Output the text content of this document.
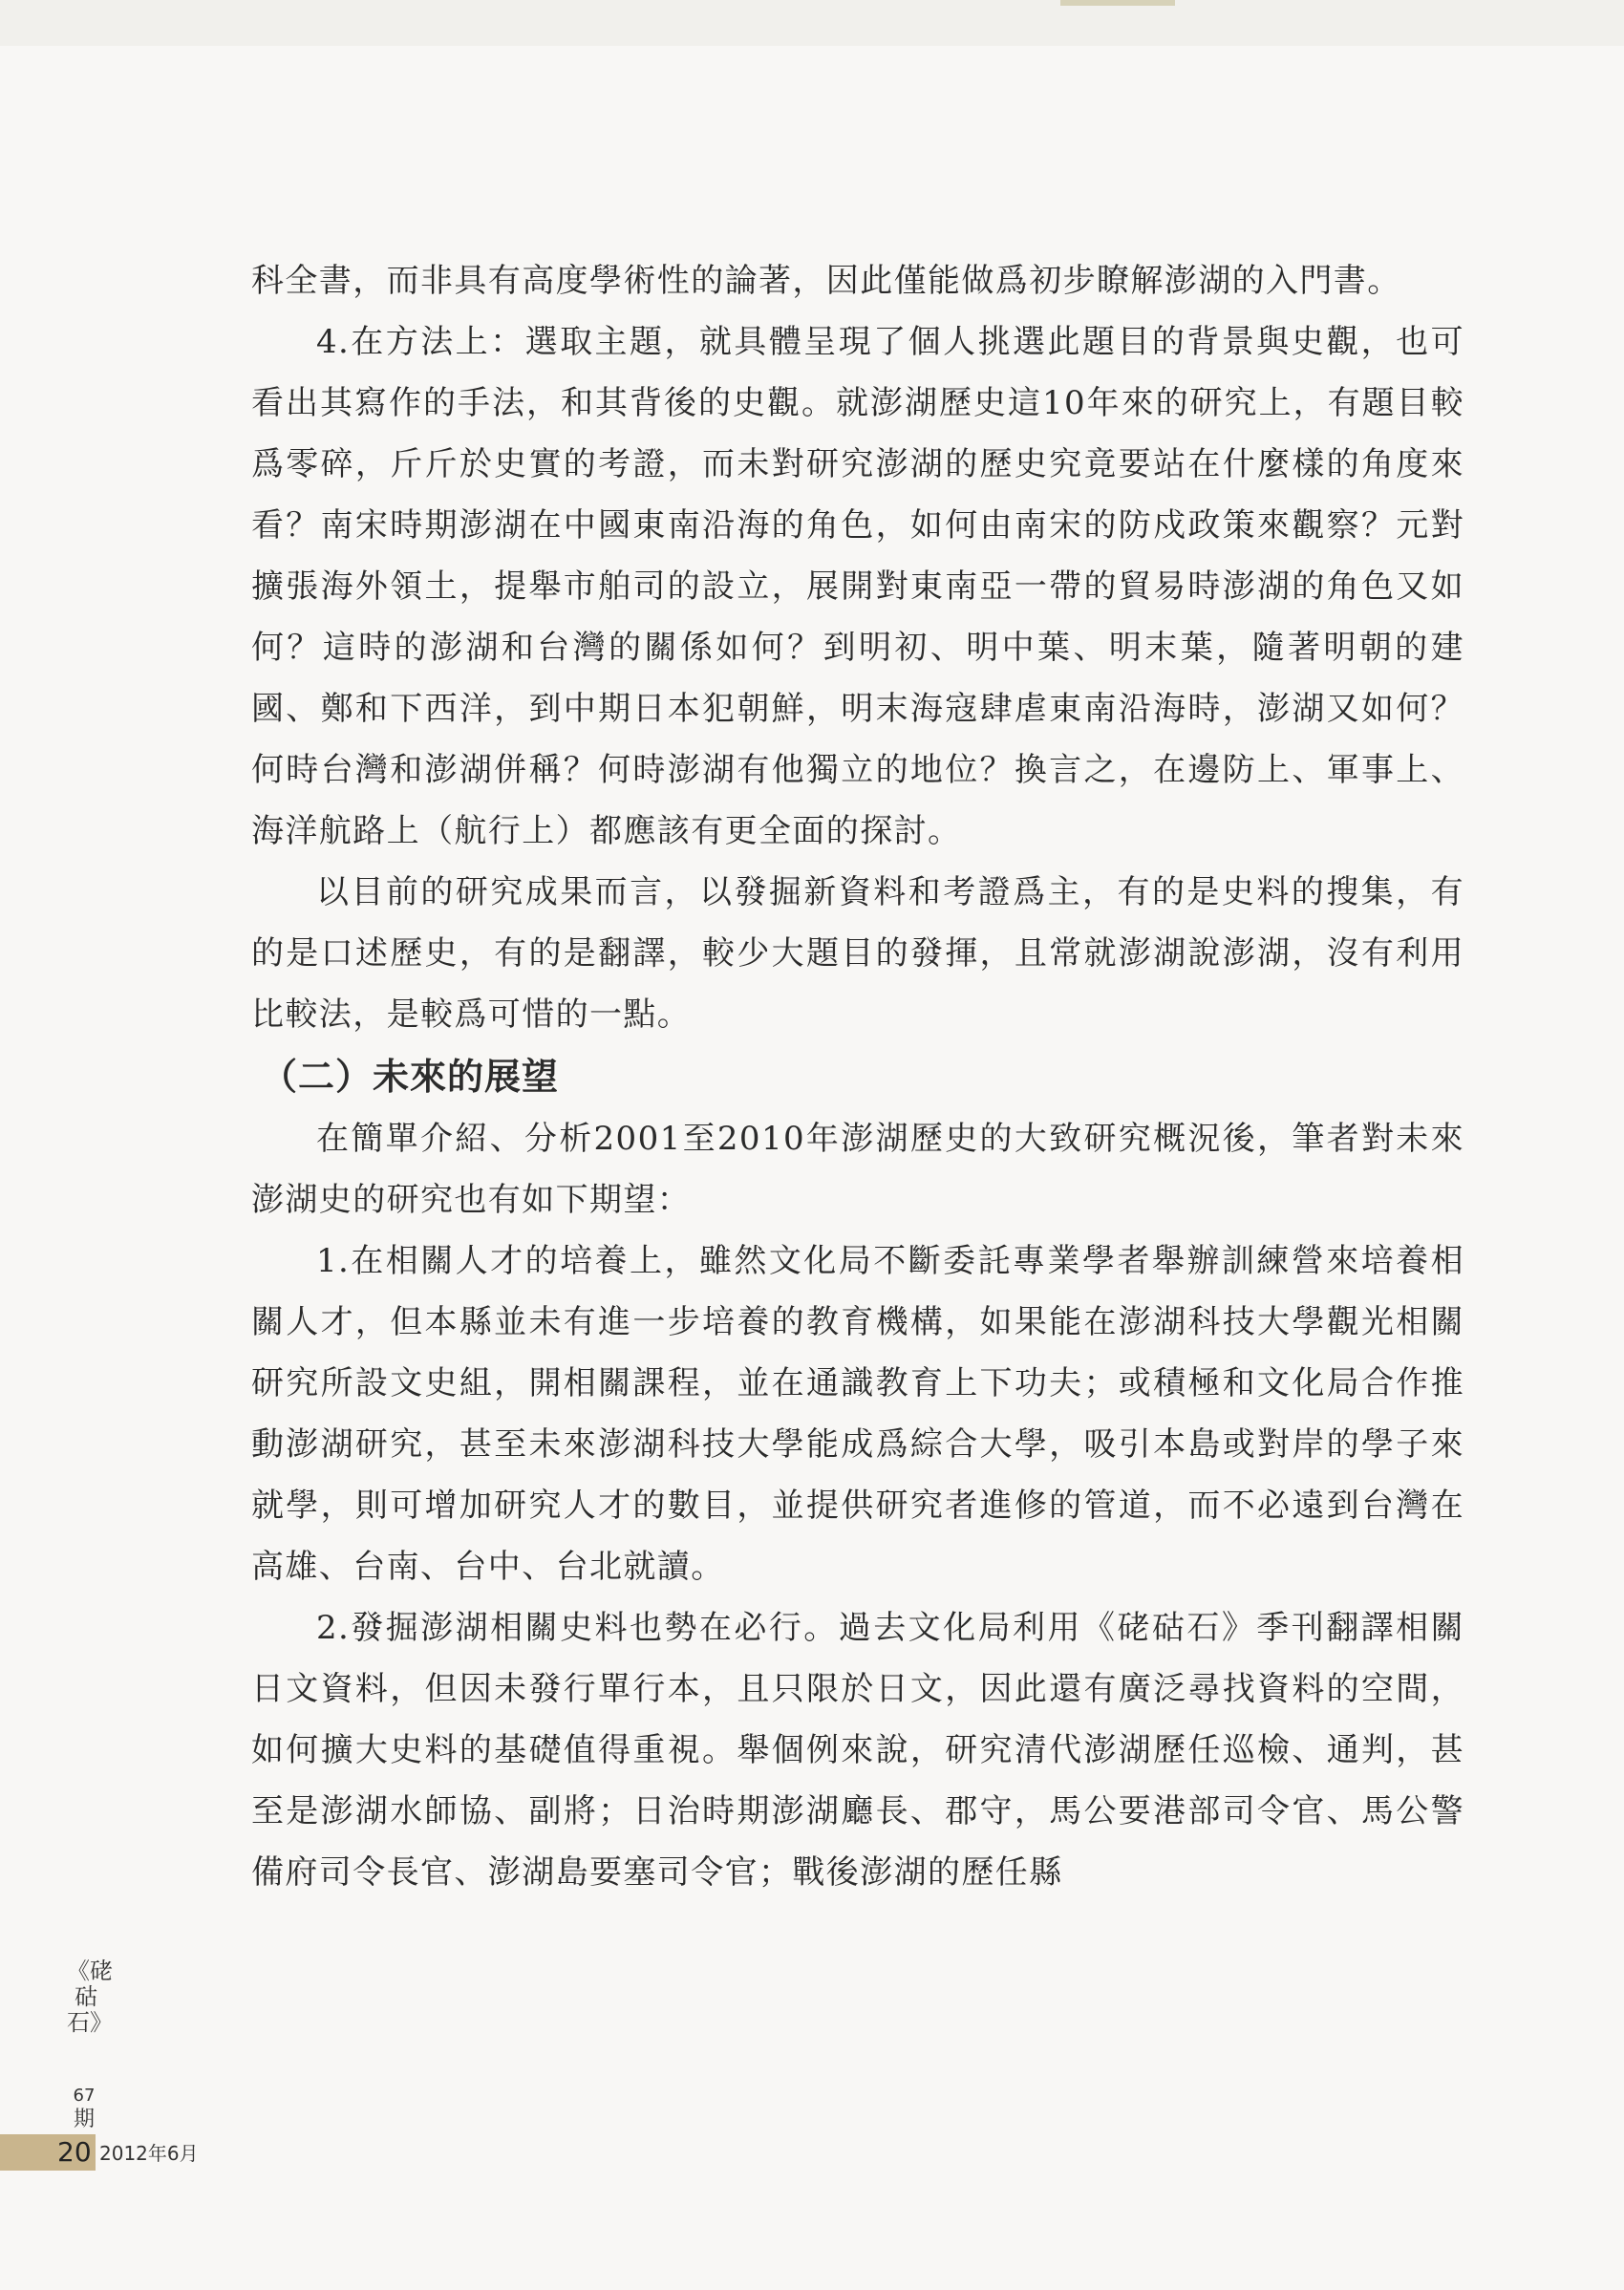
科全書，而非具有高度學術性的論著，因此僅能做爲初步瞭解澎湖的入門書。

4.在方法上：選取主題，就具體呈現了個人挑選此題目的背景與史觀，也可看出其寫作的手法，和其背後的史觀。就澎湖歷史這10年來的研究上，有題目較爲零碎，斤斤於史實的考證，而未對研究澎湖的歷史究竟要站在什麼樣的角度來看？南宋時期澎湖在中國東南沿海的角色，如何由南宋的防戍政策來觀察？元對擴張海外領土，提舉市舶司的設立，展開對東南亞一帶的貿易時澎湖的角色又如何？這時的澎湖和台灣的關係如何？到明初、明中葉、明末葉，隨著明朝的建國、鄭和下西洋，到中期日本犯朝鮮，明末海寇肆虐東南沿海時，澎湖又如何？何時台灣和澎湖併稱？何時澎湖有他獨立的地位？換言之，在邊防上、軍事上、海洋航路上（航行上）都應該有更全面的探討。

以目前的研究成果而言，以發掘新資料和考證爲主，有的是史料的搜集，有的是口述歷史，有的是翻譯，較少大題目的發揮，且常就澎湖說澎湖，沒有利用比較法，是較爲可惜的一點。

（二）未來的展望

在簡單介紹、分析2001至2010年澎湖歷史的大致研究概況後，筆者對未來澎湖史的研究也有如下期望：

1.在相關人才的培養上，雖然文化局不斷委託專業學者舉辦訓練營來培養相關人才，但本縣並未有進一步培養的教育機構，如果能在澎湖科技大學觀光相關研究所設文史組，開相關課程，並在通識教育上下功夫；或積極和文化局合作推動澎湖研究，甚至未來澎湖科技大學能成爲綜合大學，吸引本島或對岸的學子來就學，則可增加研究人才的數目，並提供研究者進修的管道，而不必遠到台灣在高雄、台南、台中、台北就讀。

2.發掘澎湖相關史料也勢在必行。過去文化局利用《硓𥑮石》季刊翻譯相關日文資料，但因未發行單行本，且只限於日文，因此還有廣泛尋找資料的空間，如何擴大史料的基礎值得重視。舉個例來說，研究清代澎湖歷任巡檢、通判，甚至是澎湖水師協、副將；日治時期澎湖廳長、郡守，馬公要港部司令官、馬公警備府司令長官、澎湖島要塞司令官；戰後澎湖的歷任縣

《硓𥑮石》
67
期
20 2012年6月
